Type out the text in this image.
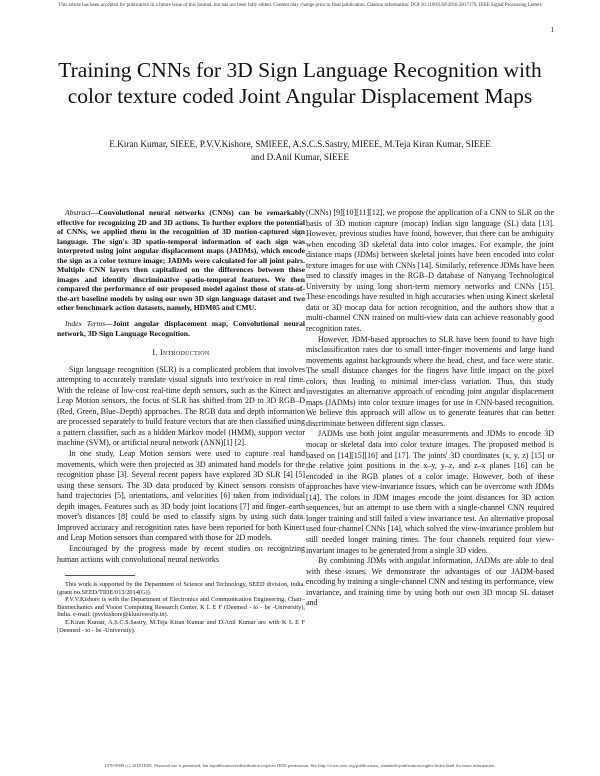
This article has been accepted for publication in a future issue of this journal, but has not been fully edited. Content may change prior to final publication. Citation information: DOI 10.1109/LSP.2018.2817179, IEEE Signal Processing Letters
1
Training CNNs for 3D Sign Language Recognition with color texture coded Joint Angular Displacement Maps
E.Kiran Kumar, SIEEE, P.V.V.Kishore, SMIEEE, A.S.C.S.Sastry, MIEEE, M.Teja Kiran Kumar, SIEEE
and D.Anil Kumar, SIEEE

Abstract—Convolutional neural networks (CNNs) can be remarkably effective for recognizing 2D and 3D actions. To further explore the potential of CNNs, we applied them in the recognition of 3D motion-captured sign language. The sign's 3D spatio-temporal information of each sign was interpreted using joint angular displacement maps (JADMs), which encode the sign as a color texture image; JADMs were calculated for all joint pairs. Multiple CNN layers then capitalized on the differences between these images and identify discriminative spatio-temporal features. We then compared the performance of our proposed model against those of state-of-the-art baseline models by using our own 3D sign language dataset and two other benchmark action datasets, namely, HDM05 and CMU.

Index Terms—Joint angular displacement map, Convolutional neural network, 3D Sign Language Recognition.

I. Introduction

Sign language recognition (SLR) is a complicated problem that involves attempting to accurately translate visual signals into text/voice in real time. With the release of low-cost real-time depth sensors, such as the Kinect and Leap Motion sensors, the focus of SLR has shifted from 2D to 3D RGB–D (Red, Green, Blue–Depth) approaches. The RGB data and depth information are processed separately to build feature vectors that are then classified using a pattern classifier, such as a hidden Markov model (HMM), support vector machine (SVM), or artificial neural network (ANN)[1] [2].

In one study, Leap Motion sensors were used to capture real hand movements, which were then projected as 3D animated hand models for the recognition phase [3]. Several recent papers have explored 3D SLR [4] [5] using these sensors. The 3D data produced by Kinect sensors consists of hand trajectories [5], orientations, and velocities [6] taken from individual depth images. Features such as 3D body joint locations [7] and finger–earth mover's distances [8] could be used to classify signs by using such data. Improved accuracy and recognition rates have been reported for both Kinect and Leap Motion sensors than compared with those for 2D models.

Encouraged by the progress made by recent studies on recognizing human actions with convolutional neural networks

This work is supported by the Department of Science and Technology, SEED division, India. (grant no.SEED/TIDE/013/2014(G)).

P.V.V.Kishore is with the Department of Electronics and Communication Engineering, Chair–Biomechanics and Vision Computing Research Center, K L E F (Deemed - to - be -University), India. e-mail: (pvvkishore@kluniversity.in).

E.Kiran Kumar, A.S.C.S.Sastry, M.Teja Kiran Kumar and D.Anil Kumar are with K L E F (Deemed - to - be -University).

(CNNs) [9][10][11][12], we propose the application of a CNN to SLR on the basis of 3D motion capture (mocap) Indian sign language (SL) data [13]. However, previous studies have found, however, that there can be ambiguity when encoding 3D skeletal data into color images. For example, the joint distance maps (JDMs) between skeletal joints have been encoded into color texture images for use with CNNs [14]. Similarly, reference JDMs have been used to classify images in the RGB–D database of Nanyang Technological University by using long short-term memory networks and CNNs [15]. These encodings have resulted in high accuracies when using Kinect skeletal data or 3D mocap data for action recognition, and the authors show that a multi-channel CNN trained on multi-view data can achieve reasonably good recognition rates.

However, JDM-based approaches to SLR have been found to have high misclassification rates due to small inter-finger movements and large hand movements against backgrounds where the head, chest, and face were static. The small distance changes for the fingers have little impact on the pixel colors, thus leading to minimal inter-class variation. Thus, this study investigates an alternative approach of encoding joint angular displacement maps (JADMs) into color texture images for use in CNN-based recognition. We believe this approach will allow us to generate features that can better discriminate between different sign classes.

JADMs use both joint angular measurements and JDMs to encode 3D mocap or skeletal data into color texture images. The proposed method is based on [14][15][16] and [17]. The joints' 3D coordinates (x, y, z) [15] or the relative joint positions in the x–y, y–z, and z–x planes [16] can be encoded in the RGB planes of a color image. However, both of these approaches have view-invariance issues, which can be overcome with JDMs [14]. The colors in JDM images encode the joint distances for 3D action sequences, but an attempt to use them with a single-channel CNN required longer training and still failed a view invariance test. An alternative proposal used four-channel CNNs [14], which solved the view-invariance problem but still needed longer training times. The four channels required four view-invariant images to be generated from a single 3D video.

By combining JDMs with angular information, JADMs are able to deal with these issues. We demonstrate the advantages of our JADM-based encoding by training a single-channel CNN and testing its performance, view invariance, and training time by using both our own 3D mocap SL dataset and

1070-9908 (c) 2018 IEEE. Personal use is permitted, but republication/redistribution requires IEEE permission. See http://www.ieee.org/publications_standards/publications/rights/index.html for more information.
